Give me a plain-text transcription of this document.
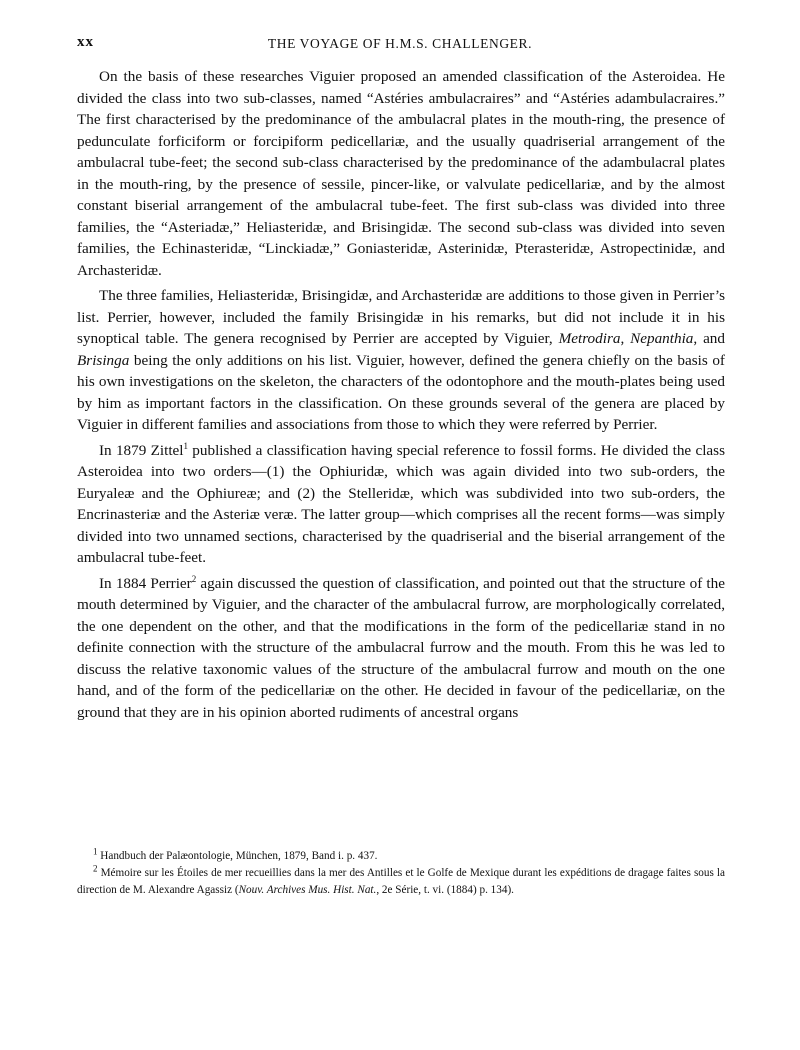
xx	THE VOYAGE OF H.M.S. CHALLENGER.

On the basis of these researches Viguier proposed an amended classification of the Asteroidea. He divided the class into two sub-classes, named “Astéries ambulacraires” and “Astéries adambulacraires.” The first characterised by the predominance of the ambulacral plates in the mouth-ring, the presence of pedunculate forficiform or forcipiform pedicellariæ, and the usually quadriserial arrangement of the ambulacral tube-feet; the second sub-class characterised by the predominance of the adambulacral plates in the mouth-ring, by the presence of sessile, pincer-like, or valvulate pedicellariæ, and by the almost constant biserial arrangement of the ambulacral tube-feet. The first sub-class was divided into three families, the “Asteriadæ,” Heliasteridæ, and Brisingidæ. The second sub-class was divided into seven families, the Echinasteridæ, “Linckiadæ,” Goniasteridæ, Asterinidæ, Pterasteridæ, Astropectinidæ, and Archasteridæ.

The three families, Heliasteridæ, Brisingidæ, and Archasteridæ are additions to those given in Perrier’s list. Perrier, however, included the family Brisingidæ in his remarks, but did not include it in his synoptical table. The genera recognised by Perrier are accepted by Viguier, Metrodira, Nepanthia, and Brisinga being the only additions on his list. Viguier, however, defined the genera chiefly on the basis of his own investigations on the skeleton, the characters of the odontophore and the mouth-plates being used by him as important factors in the classification. On these grounds several of the genera are placed by Viguier in different families and associations from those to which they were referred by Perrier.

In 1879 Zittel$^1$ published a classification having special reference to fossil forms. He divided the class Asteroidea into two orders—(1) the Ophiuridæ, which was again divided into two sub-orders, the Euryaleæ and the Ophiureæ; and (2) the Stelleridæ, which was subdivided into two sub-orders, the Encrinasteriæ and the Asteriæ veræ. The latter group—which comprises all the recent forms—was simply divided into two unnamed sections, characterised by the quadriserial and the biserial arrangement of the ambulacral tube-feet.

In 1884 Perrier$^2$ again discussed the question of classification, and pointed out that the structure of the mouth determined by Viguier, and the character of the ambulacral furrow, are morphologically correlated, the one dependent on the other, and that the modifications in the form of the pedicellariæ stand in no definite connection with the structure of the ambulacral furrow and the mouth. From this he was led to discuss the relative taxonomic values of the structure of the ambulacral furrow and mouth on the one hand, and of the form of the pedicellariæ on the other. He decided in favour of the pedicellariæ, on the ground that they are in his opinion aborted rudiments of ancestral organs

$^1$ Handbuch der Palæontologie, München, 1879, Band i. p. 437.

$^2$ Mémoire sur les Étoiles de mer recueillies dans la mer des Antilles et le Golfe de Mexique durant les expéditions de dragage faites sous la direction de M. Alexandre Agassiz (Nouv. Archives Mus. Hist. Nat., 2e Série, t. vi. (1884) p. 134).
